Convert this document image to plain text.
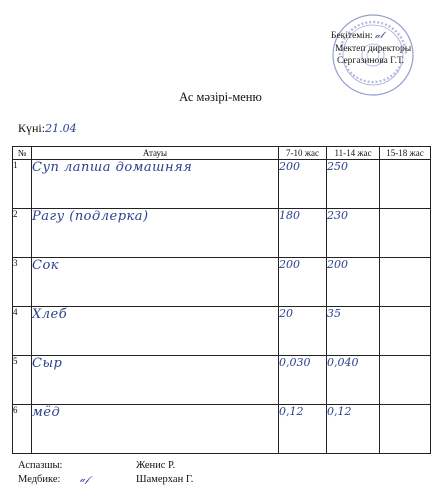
Бекітемін: ⁢𝒶𝓁
Мектеп директоры
Сергазинова Г.Т.
Ас мәзірі-меню
Күні:21.04
№	Атауы	7-10 жас	11-14 жас	15-18 жас
1	Суп лапша домашняя	200	250	
2	Рагу (подлерка)	180	230	
3	Сок	200	200	
4	Хлеб	20	35	
5	Сыр	0,030	0,040	
6	мёд	0,12	0,12	
Аспазшы:	Женис Р.
Медбике: 𝒶𝒻	Шамерхан Г.
